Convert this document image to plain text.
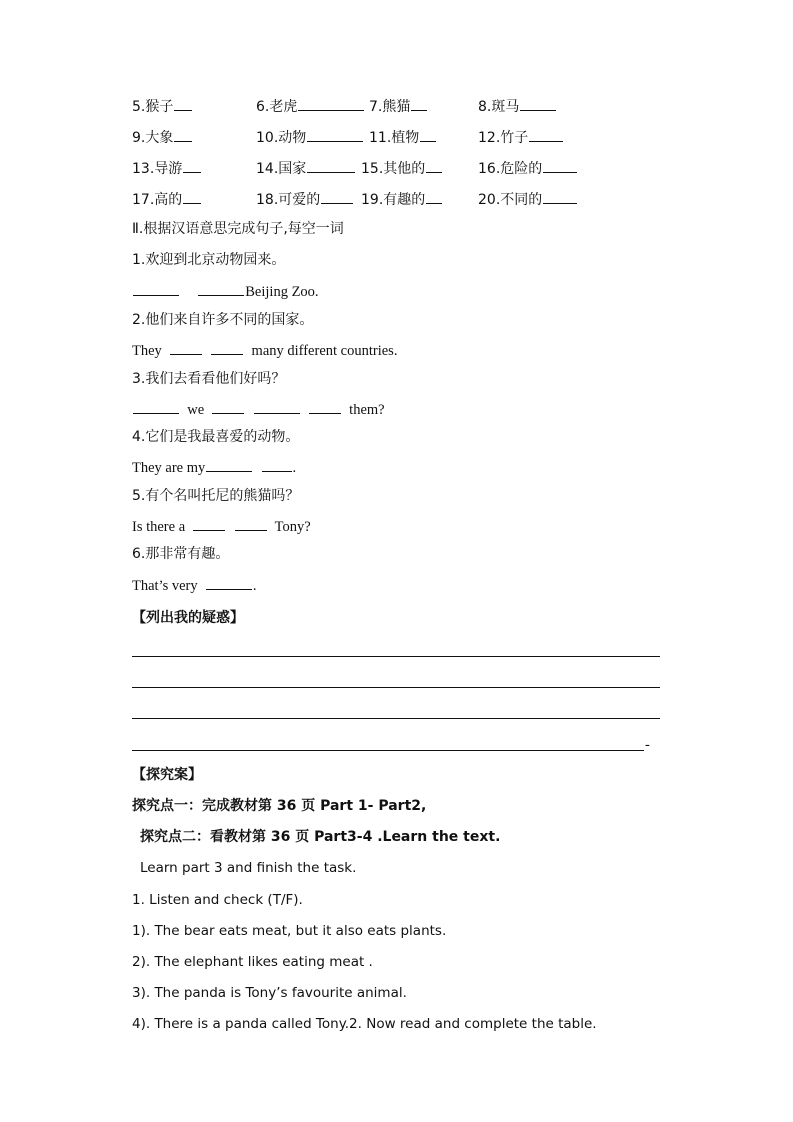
5.猴子	6.老虎	7.熊猫	8.斑马
9.大象	10.动物	11.植物	12.竹子
13.导游	14.国家	15.其他的	16.危险的
17.高的	18.可爱的	19.有趣的	20.不同的
Ⅱ.根据汉语意思完成句子,每空一词
1.欢迎到北京动物园来。
Beijing Zoo.
2.他们来自许多不同的国家。
They	many different countries.
3.我们去看看他们好吗？
we	them?
4.它们是我最喜爱的动物。
They are my	.
5.有个名叫托尼的熊猫吗？
Is there a	Tony?
6.那非常有趣。
That’s very	.
【列出我的疑惑】
-
【探究案】
探究点一：完成教材第 36 页 Part 1- Part2,
探究点二：看教材第 36 页 Part3-4 .Learn the text.
Learn part 3 and finish the task.
1. Listen and check (T/F).
1). The bear eats meat, but it also eats plants.
2). The elephant likes eating meat .
3). The panda is Tony’s favourite animal.
4). There is a panda called Tony.2. Now read and complete the table.
